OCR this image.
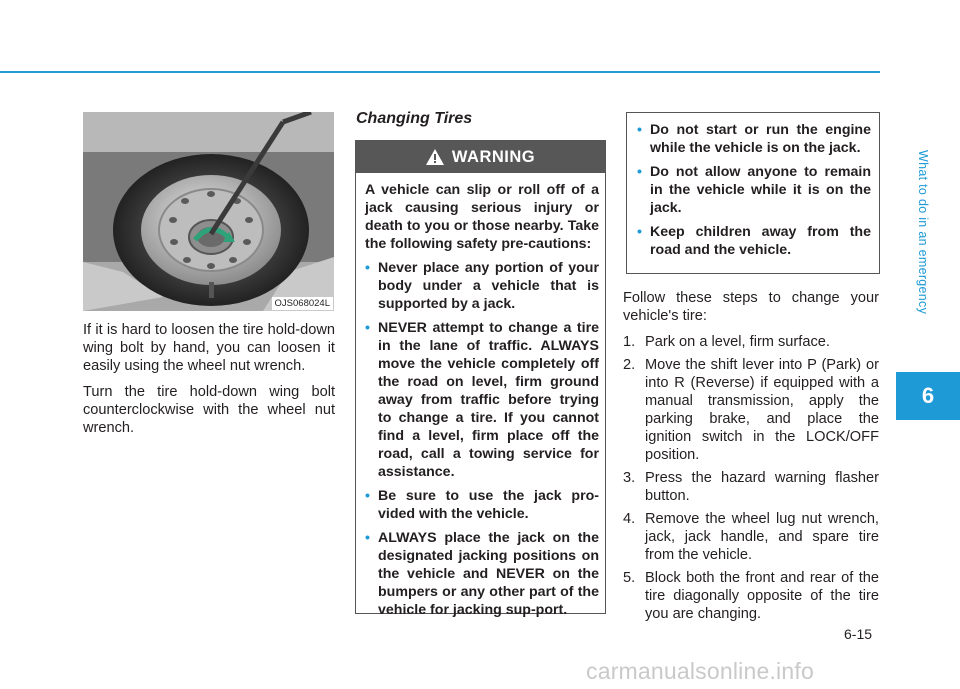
What to do in an emergency
6
OJS068024L

If it is hard to loosen the tire hold-down wing bolt by hand, you can loosen it easily using the wheel nut wrench.

Turn the tire hold-down wing bolt counterclockwise with the wheel nut wrench.

Changing Tires
WARNING

A vehicle can slip or roll off of a jack causing serious injury or death to you or those nearby. Take the following safety pre-cautions:

• Never place any portion of your body under a vehicle that is supported by a jack.
• NEVER attempt to change a tire in the lane of traffic. ALWAYS move the vehicle completely off the road on level, firm ground away from traffic before trying to change a tire. If you cannot find a level, firm place off the road, call a towing service for assistance.
• Be sure to use the jack pro-vided with the vehicle.
• ALWAYS place the jack on the designated jacking positions on the vehicle and NEVER on the bumpers or any other part of the vehicle for jacking sup-port.
• Do not start or run the engine while the vehicle is on the jack.
• Do not allow anyone to remain in the vehicle while it is on the jack.
• Keep children away from the road and the vehicle.

Follow these steps to change your vehicle's tire:

1. Park on a level, firm surface.
2. Move the shift lever into P (Park) or into R (Reverse) if equipped with a manual transmission, apply the parking brake, and place the ignition switch in the LOCK/OFF position.
3. Press the hazard warning flasher button.
4. Remove the wheel lug nut wrench, jack, jack handle, and spare tire from the vehicle.
5. Block both the front and rear of the tire diagonally opposite of the tire you are changing.
6-15
carmanualsonline.info
